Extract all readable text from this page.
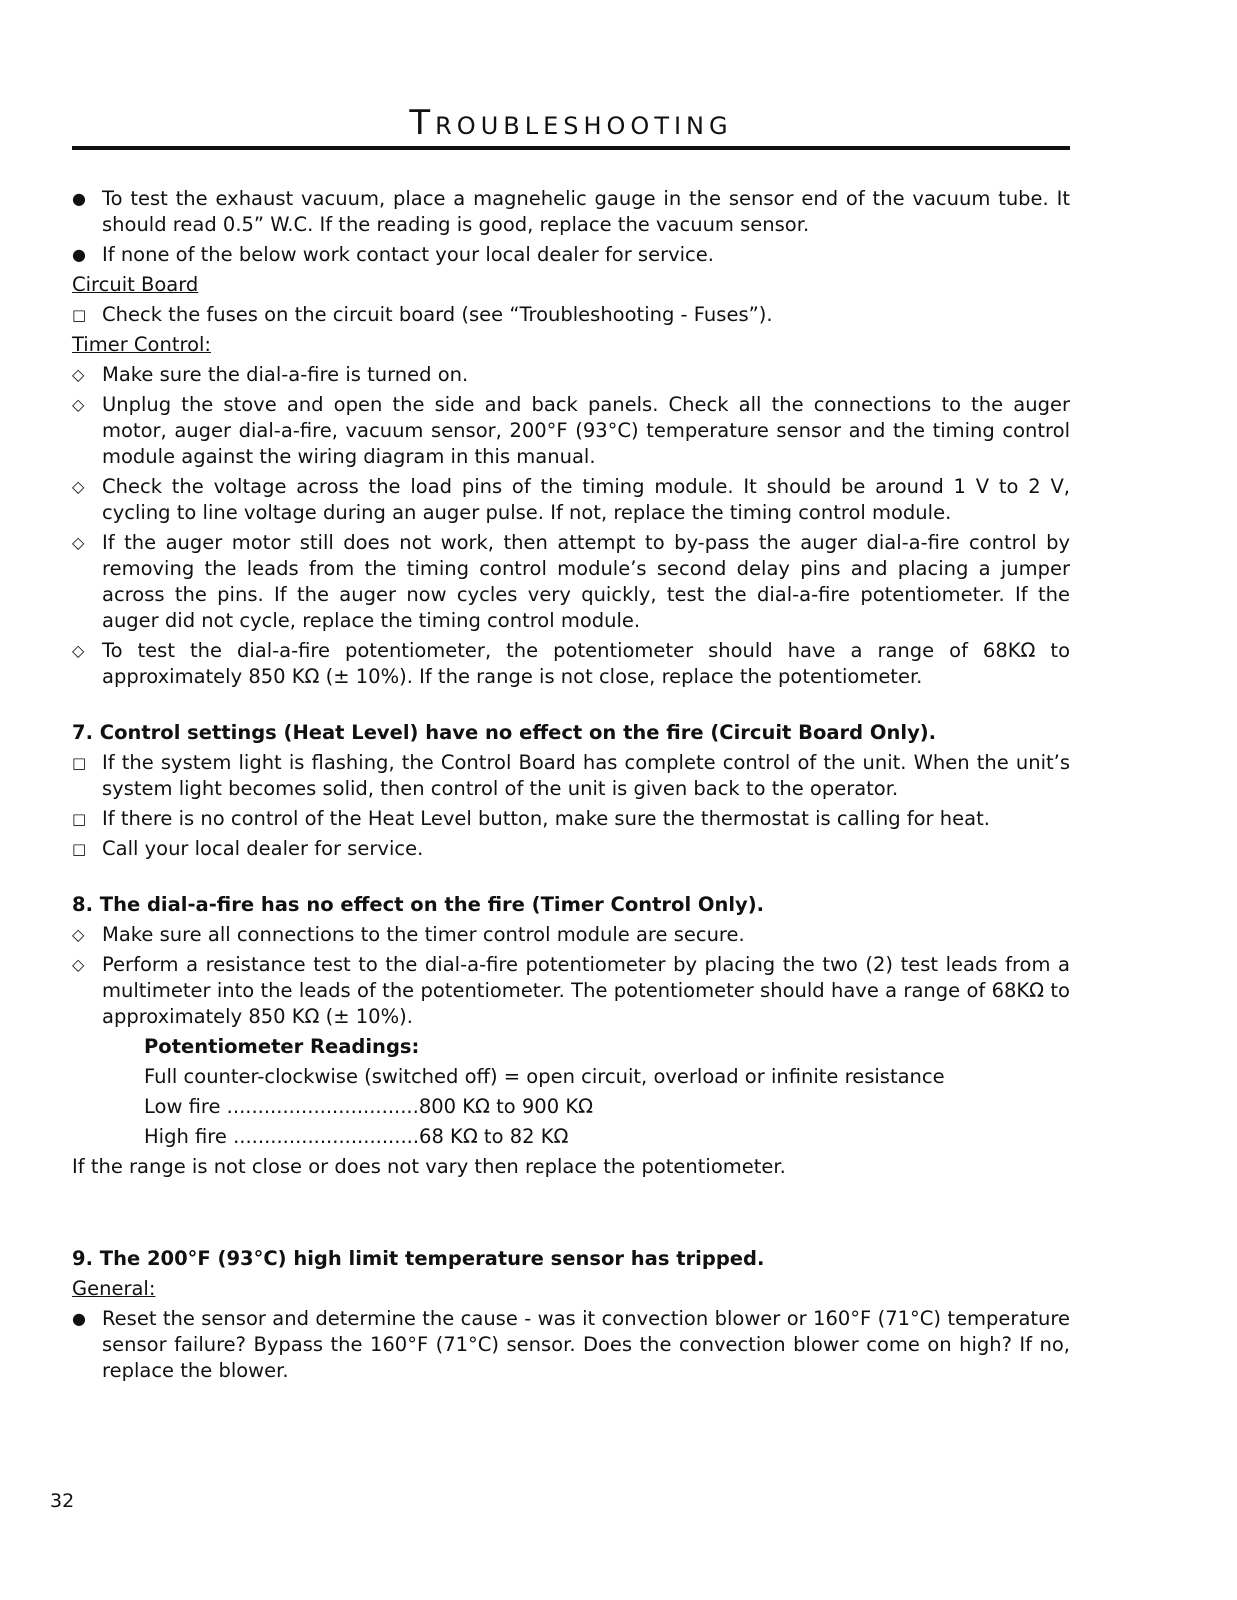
Troubleshooting
● To test the exhaust vacuum, place a magnehelic gauge in the sensor end of the vacuum tube. It should read 0.5” W.C. If the reading is good, replace the vacuum sensor.
● If none of the below work contact your local dealer for service.
Circuit Board
□ Check the fuses on the circuit board (see “Troubleshooting - Fuses”).
Timer Control:
◇ Make sure the dial-a-fire is turned on.
◇ Unplug the stove and open the side and back panels. Check all the connections to the auger motor, auger dial-a-fire, vacuum sensor, 200°F (93°C) temperature sensor and the timing control module against the wiring diagram in this manual.
◇ Check the voltage across the load pins of the timing module. It should be around 1 V to 2 V, cycling to line voltage during an auger pulse. If not, replace the timing control module.
◇ If the auger motor still does not work, then attempt to by-pass the auger dial-a-fire control by removing the leads from the timing control module’s second delay pins and placing a jumper across the pins. If the auger now cycles very quickly, test the dial-a-fire potentiometer. If the auger did not cycle, replace the timing control module.
◇ To test the dial-a-fire potentiometer, the potentiometer should have a range of 68KΩ to approximately 850 KΩ (± 10%). If the range is not close, replace the potentiometer.
7. Control settings (Heat Level) have no effect on the fire (Circuit Board Only).
□ If the system light is flashing, the Control Board has complete control of the unit. When the unit’s system light becomes solid, then control of the unit is given back to the operator.
□ If there is no control of the Heat Level button, make sure the thermostat is calling for heat.
□ Call your local dealer for service.
8. The dial-a-fire has no effect on the fire (Timer Control Only).
◇ Make sure all connections to the timer control module are secure.
◇ Perform a resistance test to the dial-a-fire potentiometer by placing the two (2) test leads from a multimeter into the leads of the potentiometer. The potentiometer should have a range of 68KΩ to approximately 850 KΩ (± 10%).
Potentiometer Readings:
Full counter-clockwise (switched off) = open circuit, overload or infinite resistance
Low fire ...............................800 KΩ to 900 KΩ
High fire ..............................68 KΩ to 82 KΩ
If the range is not close or does not vary then replace the potentiometer.
9. The 200°F (93°C) high limit temperature sensor has tripped.
General:
● Reset the sensor and determine the cause - was it convection blower or 160°F (71°C) temperature sensor failure? Bypass the 160°F (71°C) sensor. Does the convection blower come on high? If no, replace the blower.
32
